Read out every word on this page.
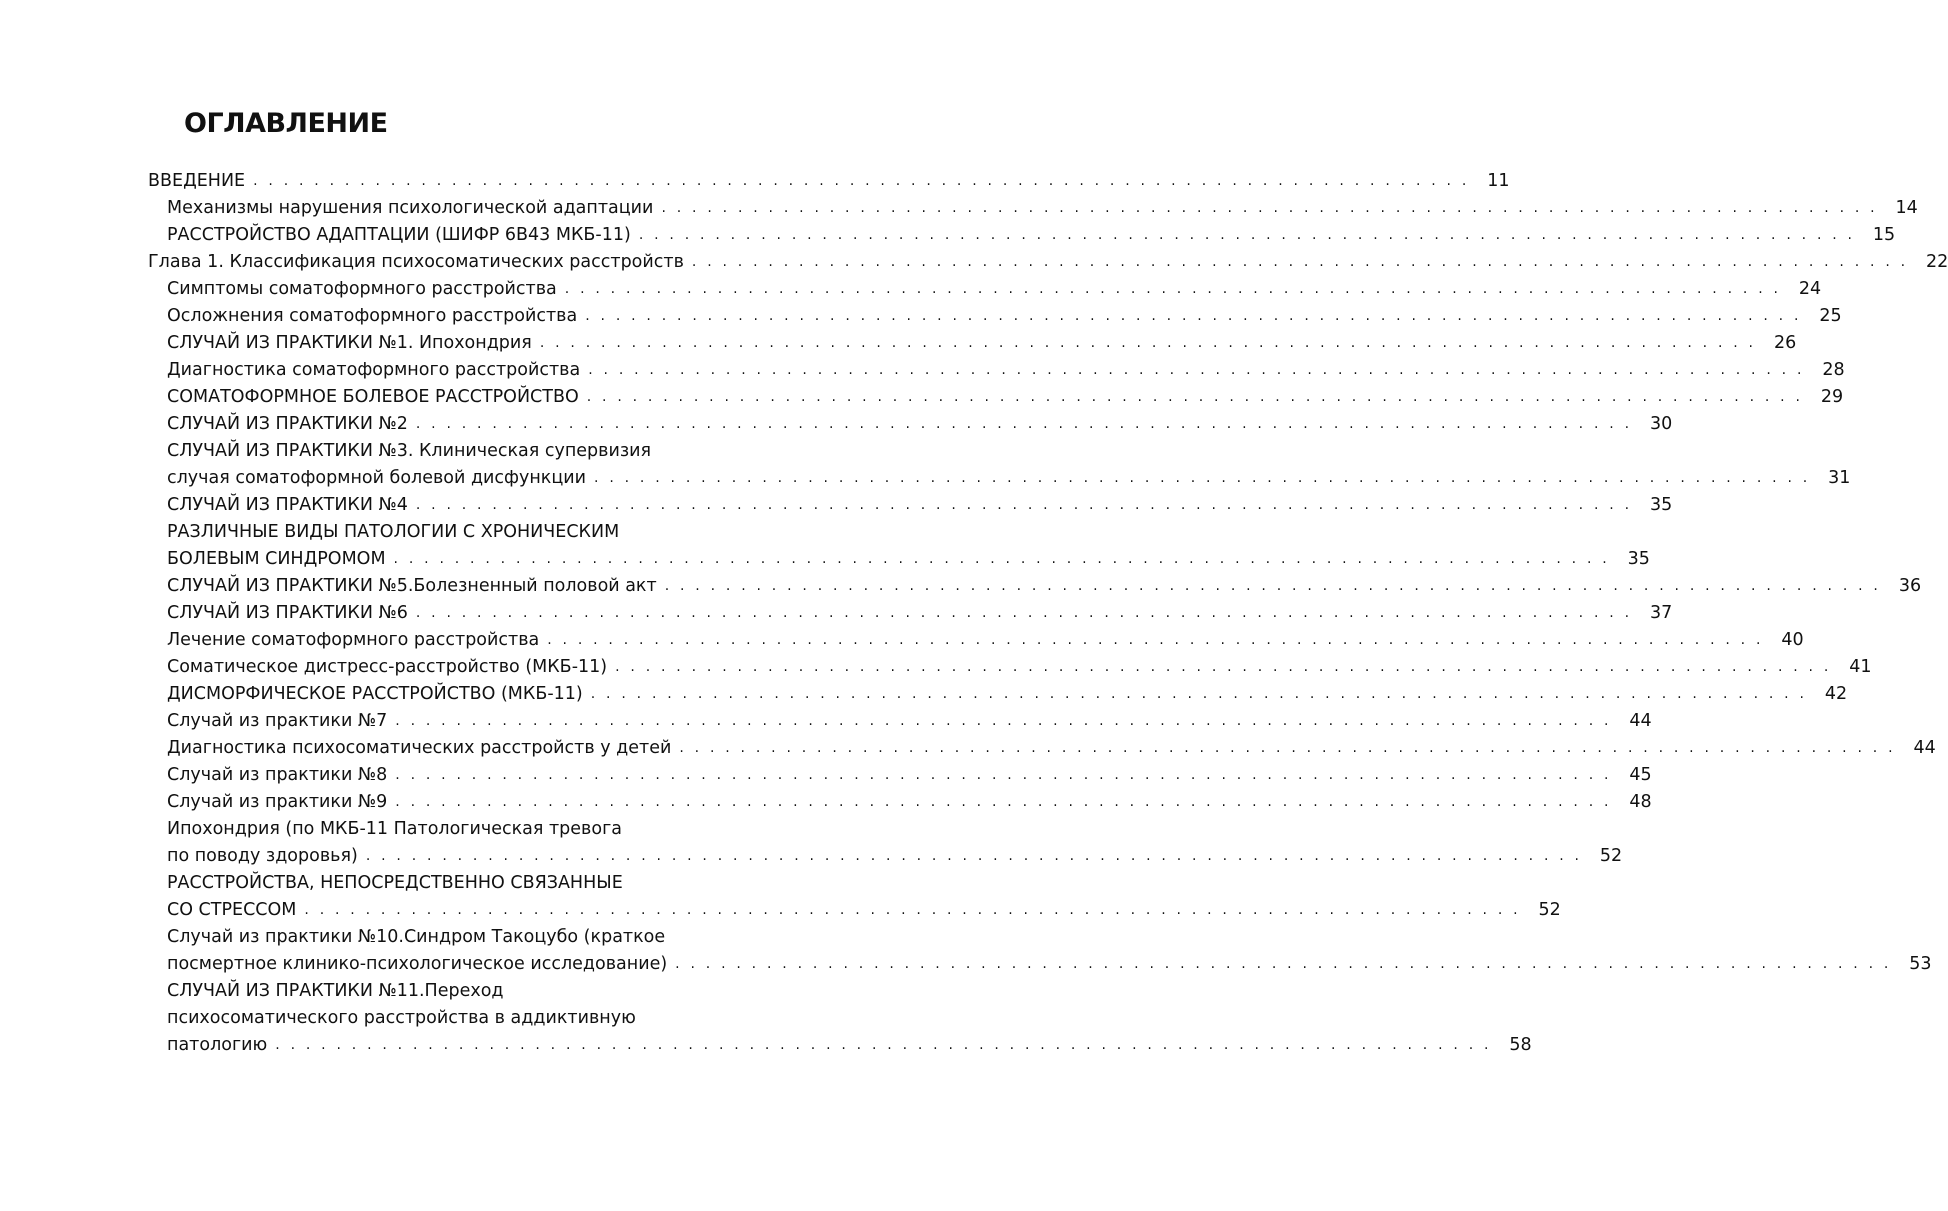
ОГЛАВЛЕНИЕ
ВВЕДЕНИЕ . . . . . . . . . . . . . . . . . . . . . . . . . . . . . . . . . . . . . . . . . . . . . . . . . . . . . . . . . . . . . . . . . . . . . . . . . . . . . . . .	11
Механизмы нарушения психологической адаптации . . . . . . . . . . . . . . . . . . . . . . . . . . . . . . . . . . . . . . . . . . . . . . . . . . . . . . . . . . . . . . . . . . . . . . . . . . . . . . . .	14
РАССТРОЙСТВО АДАПТАЦИИ (ШИФР 6В43 МКБ-11) . . . . . . . . . . . . . . . . . . . . . . . . . . . . . . . . . . . . . . . . . . . . . . . . . . . . . . . . . . . . . . . . . . . . . . . . . . . . . . . .	15
Глава 1. Классификация психосоматических расстройств . . . . . . . . . . . . . . . . . . . . . . . . . . . . . . . . . . . . . . . . . . . . . . . . . . . . . . . . . . . . . . . . . . . . . . . . . . . . . . . .	22
Симптомы соматоформного расстройства . . . . . . . . . . . . . . . . . . . . . . . . . . . . . . . . . . . . . . . . . . . . . . . . . . . . . . . . . . . . . . . . . . . . . . . . . . . . . . . .	24
Осложнения соматоформного расстройства . . . . . . . . . . . . . . . . . . . . . . . . . . . . . . . . . . . . . . . . . . . . . . . . . . . . . . . . . . . . . . . . . . . . . . . . . . . . . . . .	25
СЛУЧАЙ ИЗ ПРАКТИКИ №1. Ипохондрия . . . . . . . . . . . . . . . . . . . . . . . . . . . . . . . . . . . . . . . . . . . . . . . . . . . . . . . . . . . . . . . . . . . . . . . . . . . . . . . .	26
Диагностика соматоформного расстройства . . . . . . . . . . . . . . . . . . . . . . . . . . . . . . . . . . . . . . . . . . . . . . . . . . . . . . . . . . . . . . . . . . . . . . . . . . . . . . . .	28
СОМАТОФОРМНОЕ БОЛЕВОЕ РАССТРОЙСТВО . . . . . . . . . . . . . . . . . . . . . . . . . . . . . . . . . . . . . . . . . . . . . . . . . . . . . . . . . . . . . . . . . . . . . . . . . . . . . . . .	29
СЛУЧАЙ ИЗ ПРАКТИКИ №2 . . . . . . . . . . . . . . . . . . . . . . . . . . . . . . . . . . . . . . . . . . . . . . . . . . . . . . . . . . . . . . . . . . . . . . . . . . . . . . . .	30
СЛУЧАЙ ИЗ ПРАКТИКИ №3. Клиническая супервизия
случая соматоформной болевой дисфункции . . . . . . . . . . . . . . . . . . . . . . . . . . . . . . . . . . . . . . . . . . . . . . . . . . . . . . . . . . . . . . . . . . . . . . . . . . . . . . . .	31
СЛУЧАЙ ИЗ ПРАКТИКИ №4 . . . . . . . . . . . . . . . . . . . . . . . . . . . . . . . . . . . . . . . . . . . . . . . . . . . . . . . . . . . . . . . . . . . . . . . . . . . . . . . .	35
РАЗЛИЧНЫЕ ВИДЫ ПАТОЛОГИИ С ХРОНИЧЕСКИМ
БОЛЕВЫМ СИНДРОМОМ . . . . . . . . . . . . . . . . . . . . . . . . . . . . . . . . . . . . . . . . . . . . . . . . . . . . . . . . . . . . . . . . . . . . . . . . . . . . . . . .	35
СЛУЧАЙ ИЗ ПРАКТИКИ №5.Болезненный половой акт . . . . . . . . . . . . . . . . . . . . . . . . . . . . . . . . . . . . . . . . . . . . . . . . . . . . . . . . . . . . . . . . . . . . . . . . . . . . . . . .	36
СЛУЧАЙ ИЗ ПРАКТИКИ №6 . . . . . . . . . . . . . . . . . . . . . . . . . . . . . . . . . . . . . . . . . . . . . . . . . . . . . . . . . . . . . . . . . . . . . . . . . . . . . . . .	37
Лечение соматоформного расстройства . . . . . . . . . . . . . . . . . . . . . . . . . . . . . . . . . . . . . . . . . . . . . . . . . . . . . . . . . . . . . . . . . . . . . . . . . . . . . . . .	40
Соматическое дистресс-расстройство (МКБ-11) . . . . . . . . . . . . . . . . . . . . . . . . . . . . . . . . . . . . . . . . . . . . . . . . . . . . . . . . . . . . . . . . . . . . . . . . . . . . . . . .	41
ДИСМОРФИЧЕСКОЕ РАССТРОЙСТВО (МКБ-11) . . . . . . . . . . . . . . . . . . . . . . . . . . . . . . . . . . . . . . . . . . . . . . . . . . . . . . . . . . . . . . . . . . . . . . . . . . . . . . . .	42
Случай из практики №7 . . . . . . . . . . . . . . . . . . . . . . . . . . . . . . . . . . . . . . . . . . . . . . . . . . . . . . . . . . . . . . . . . . . . . . . . . . . . . . . .	44
Диагностика психосоматических расстройств у детей . . . . . . . . . . . . . . . . . . . . . . . . . . . . . . . . . . . . . . . . . . . . . . . . . . . . . . . . . . . . . . . . . . . . . . . . . . . . . . . .	44
Случай из практики №8 . . . . . . . . . . . . . . . . . . . . . . . . . . . . . . . . . . . . . . . . . . . . . . . . . . . . . . . . . . . . . . . . . . . . . . . . . . . . . . . .	45
Случай из практики №9 . . . . . . . . . . . . . . . . . . . . . . . . . . . . . . . . . . . . . . . . . . . . . . . . . . . . . . . . . . . . . . . . . . . . . . . . . . . . . . . .	48
Ипохондрия (по МКБ-11 Патологическая тревога
по поводу здоровья) . . . . . . . . . . . . . . . . . . . . . . . . . . . . . . . . . . . . . . . . . . . . . . . . . . . . . . . . . . . . . . . . . . . . . . . . . . . . . . . .	52
РАССТРОЙСТВА, НЕПОСРЕДСТВЕННО СВЯЗАННЫЕ
СО СТРЕССОМ . . . . . . . . . . . . . . . . . . . . . . . . . . . . . . . . . . . . . . . . . . . . . . . . . . . . . . . . . . . . . . . . . . . . . . . . . . . . . . . .	52
Случай из практики №10.Синдром Такоцубо (краткое
посмертное клинико-психологическое исследование) . . . . . . . . . . . . . . . . . . . . . . . . . . . . . . . . . . . . . . . . . . . . . . . . . . . . . . . . . . . . . . . . . . . . . . . . . . . . . . . .	53
СЛУЧАЙ ИЗ ПРАКТИКИ №11.Переход
психосоматического расстройства в аддиктивную
патологию . . . . . . . . . . . . . . . . . . . . . . . . . . . . . . . . . . . . . . . . . . . . . . . . . . . . . . . . . . . . . . . . . . . . . . . . . . . . . . . .	58
